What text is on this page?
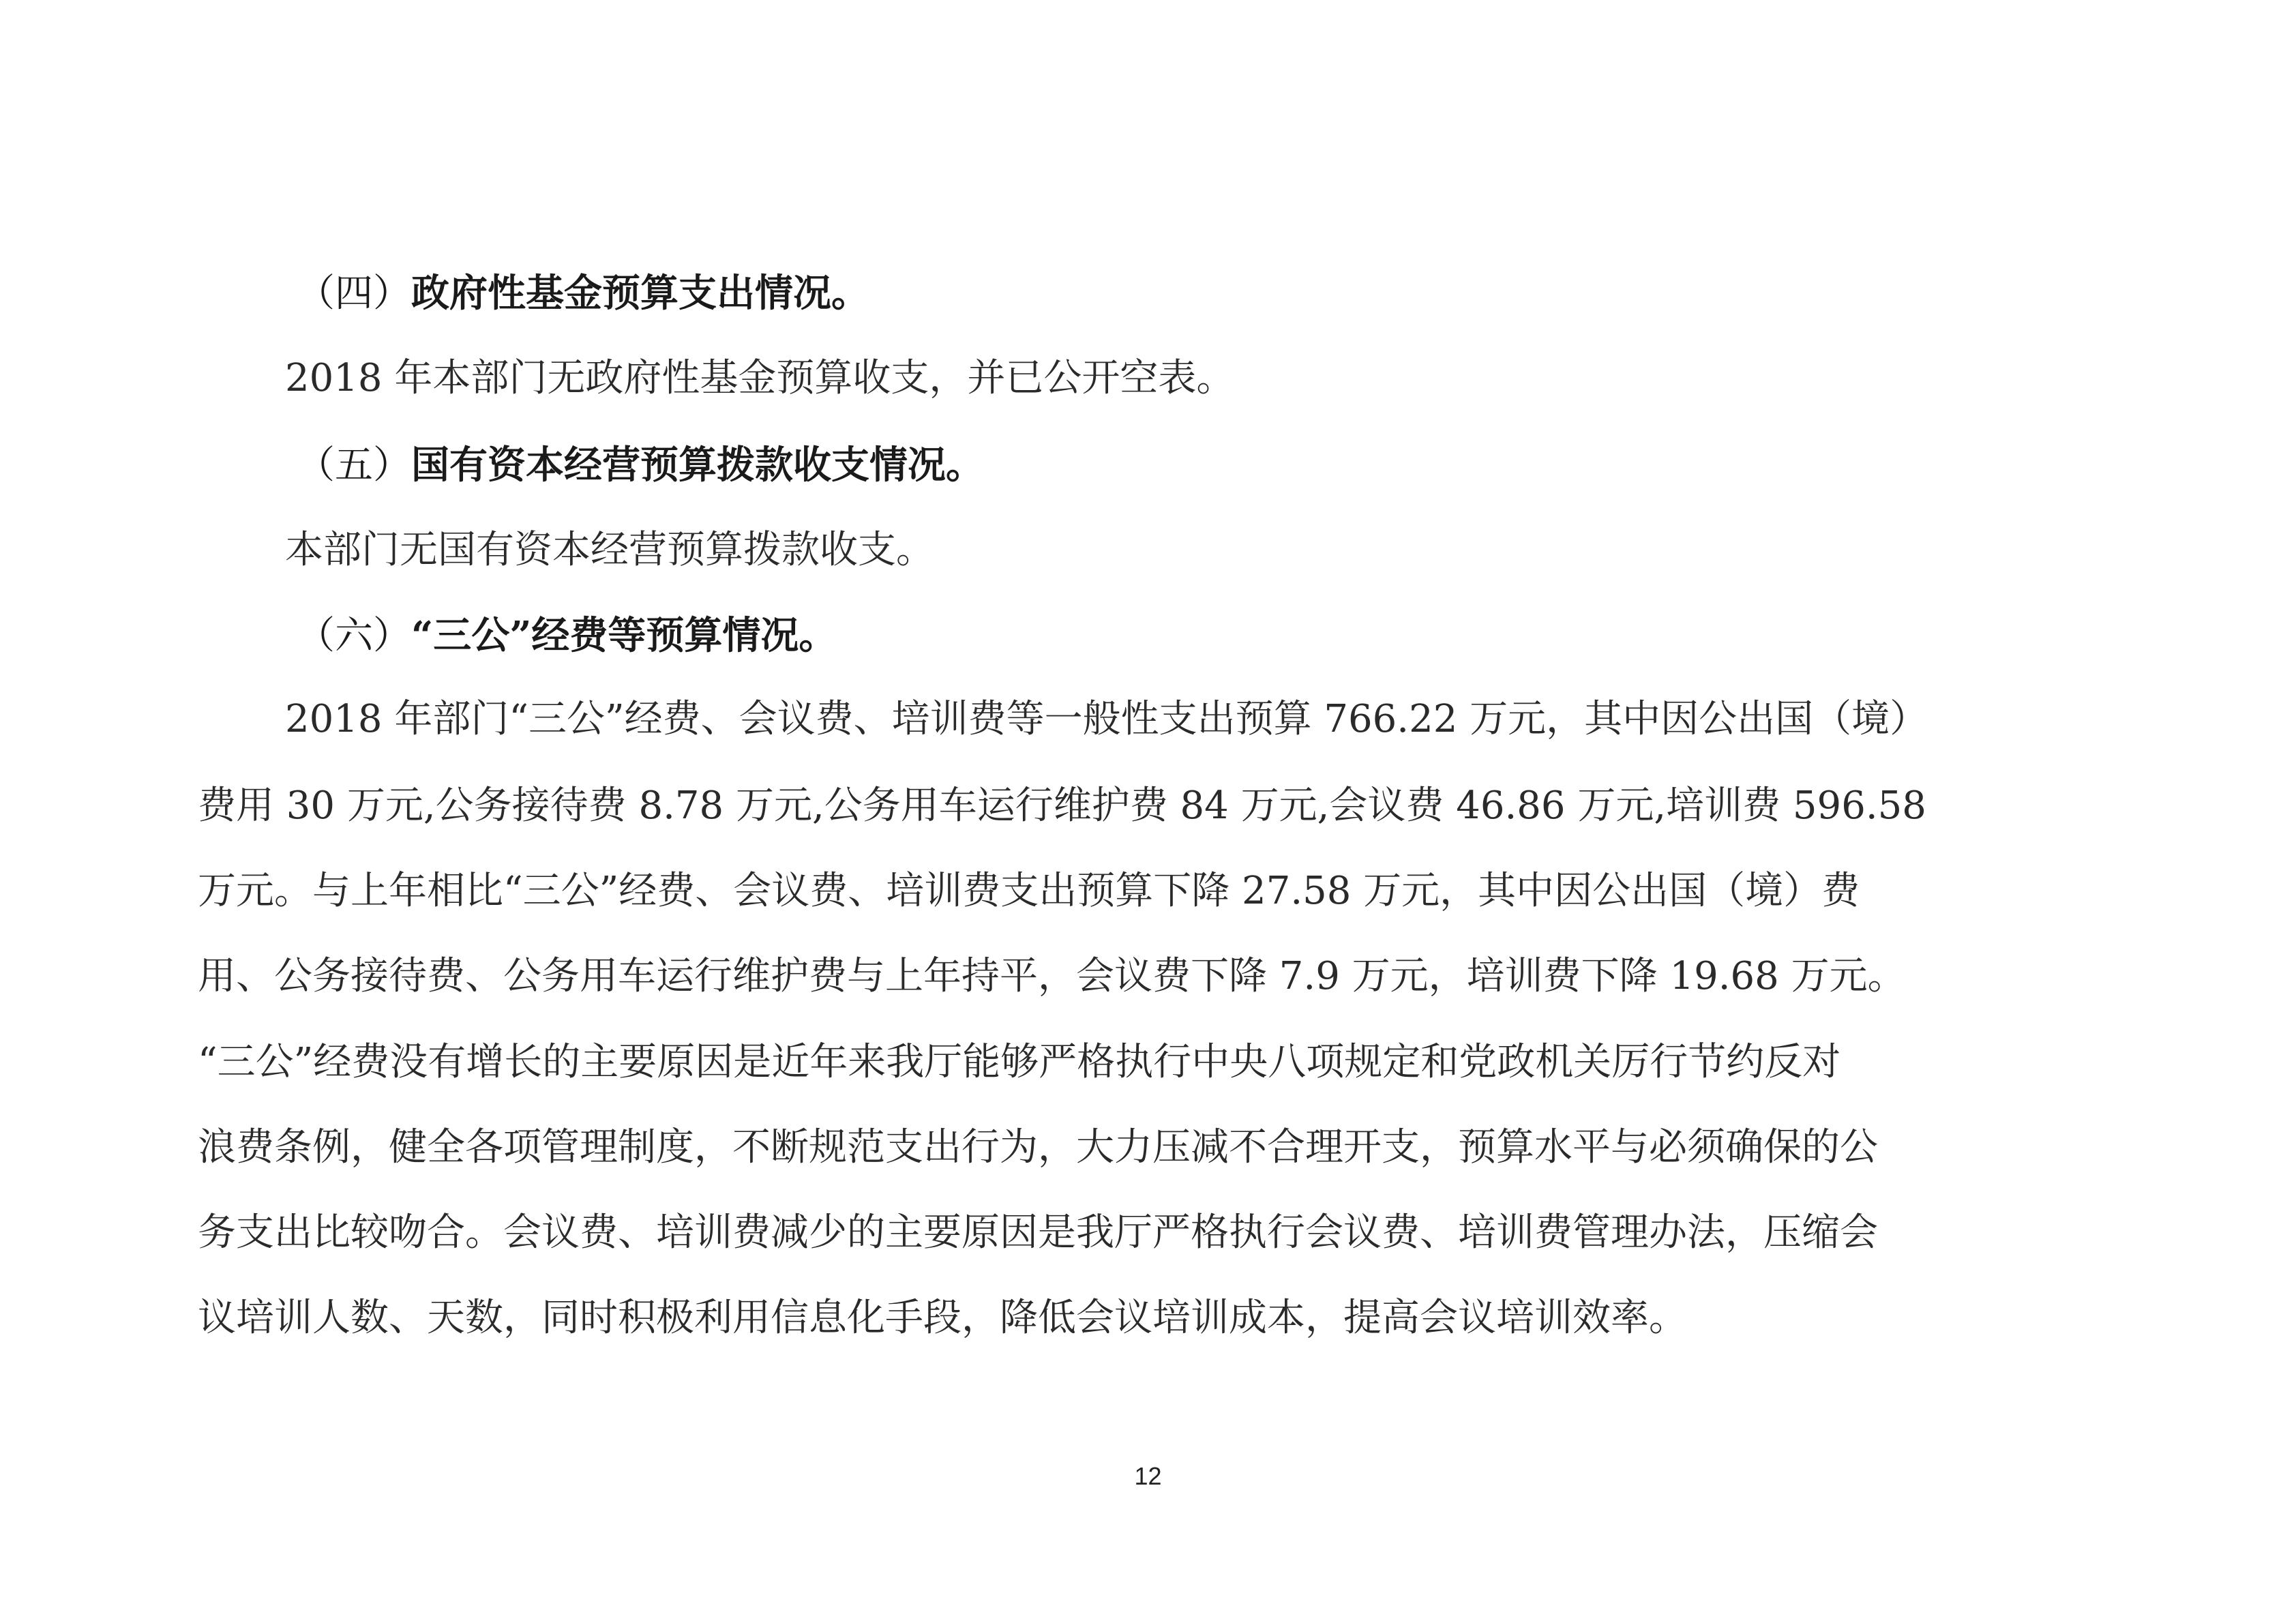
（四）政府性基金预算支出情况。

2018 年本部门无政府性基金预算收支，并已公开空表。

（五）国有资本经营预算拨款收支情况。

本部门无国有资本经营预算拨款收支。

（六）“三公”经费等预算情况。

2018 年部门“三公”经费、会议费、培训费等一般性支出预算 766.22 万元，其中因公出国（境）

费用 30 万元,公务接待费 8.78 万元,公务用车运行维护费 84 万元,会议费 46.86 万元,培训费 596.58

万元。与上年相比“三公”经费、会议费、培训费支出预算下降 27.58 万元，其中因公出国（境）费

用、公务接待费、公务用车运行维护费与上年持平，会议费下降 7.9 万元，培训费下降 19.68 万元。

“三公”经费没有增长的主要原因是近年来我厅能够严格执行中央八项规定和党政机关厉行节约反对

浪费条例，健全各项管理制度，不断规范支出行为，大力压减不合理开支，预算水平与必须确保的公

务支出比较吻合。会议费、培训费减少的主要原因是我厅严格执行会议费、培训费管理办法，压缩会

议培训人数、天数，同时积极利用信息化手段，降低会议培训成本，提高会议培训效率。

12
